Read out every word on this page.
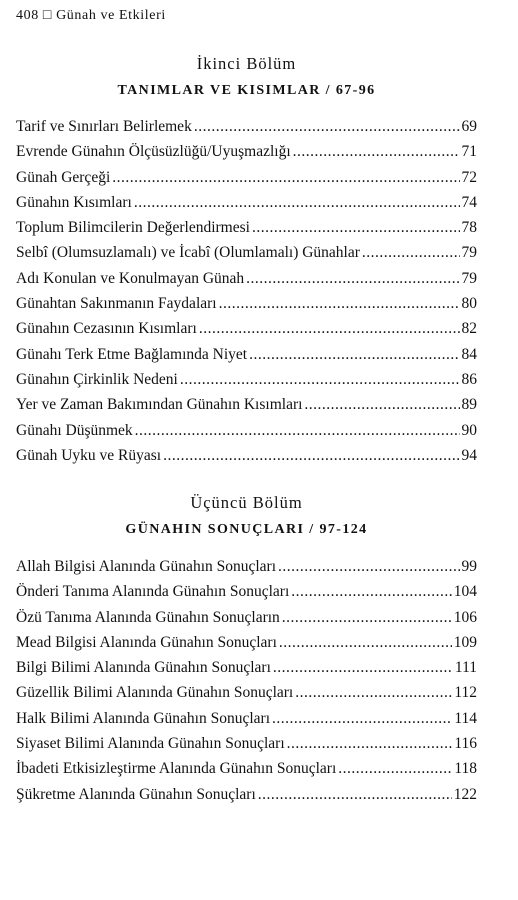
408 □ Günah ve Etkileri
İkinci Bölüm
TANIMLAR VE KISIMLAR / 67-96
Tarif ve Sınırları Belirlemek .....	69
Evrende Günahın Ölçüsüzlüğü/Uyuşmazlığı .....	71
Günah Gerçeği .....	72
Günahın Kısımları .....	74
Toplum Bilimcilerin Değerlendirmesi .....	78
Selbî (Olumsuzlamalı) ve İcabî (Olumlamalı) Günahlar .....	79
Adı Konulan ve Konulmayan Günah .....	79
Günahtan Sakınmanın Faydaları .....	80
Günahın Cezasının Kısımları .....	82
Günahı Terk Etme Bağlamında Niyet .....	84
Günahın Çirkinlik Nedeni .....	86
Yer ve Zaman Bakımından Günahın Kısımları .....	89
Günahı Düşünmek .....	90
Günah Uyku ve Rüyası .....	94
Üçüncü Bölüm
GÜNAHIN SONUÇLARI / 97-124
Allah Bilgisi Alanında Günahın Sonuçları .....	99
Önderi Tanıma Alanında Günahın Sonuçları .....	104
Özü Tanıma Alanında Günahın Sonuçların .....	106
Mead Bilgisi Alanında Günahın Sonuçları .....	109
Bilgi Bilimi Alanında Günahın Sonuçları .....	111
Güzellik Bilimi Alanında Günahın Sonuçları .....	112
Halk Bilimi Alanında Günahın Sonuçları .....	114
Siyaset Bilimi Alanında Günahın Sonuçları .....	116
İbadeti Etkisizleştirme Alanında Günahın Sonuçları .....	118
Şükretme Alanında Günahın Sonuçları .....	122
